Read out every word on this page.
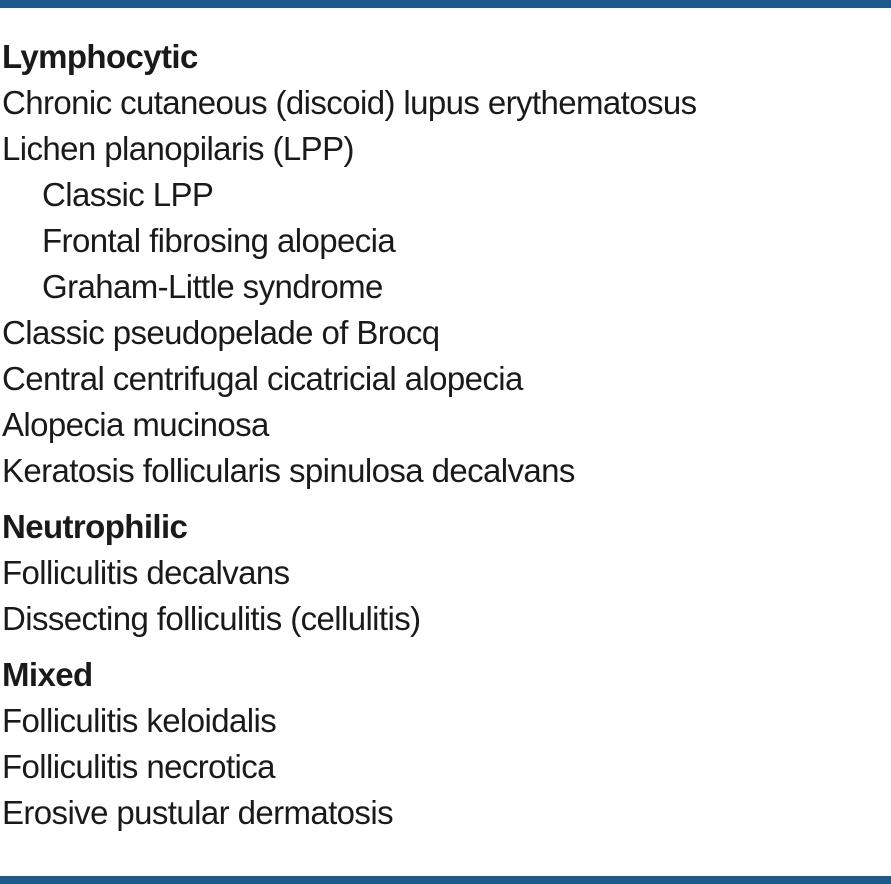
Lymphocytic
Chronic cutaneous (discoid) lupus erythematosus
Lichen planopilaris (LPP)
Classic LPP
Frontal fibrosing alopecia
Graham-Little syndrome
Classic pseudopelade of Brocq
Central centrifugal cicatricial alopecia
Alopecia mucinosa
Keratosis follicularis spinulosa decalvans
Neutrophilic
Folliculitis decalvans
Dissecting folliculitis (cellulitis)
Mixed
Folliculitis keloidalis
Folliculitis necrotica
Erosive pustular dermatosis
